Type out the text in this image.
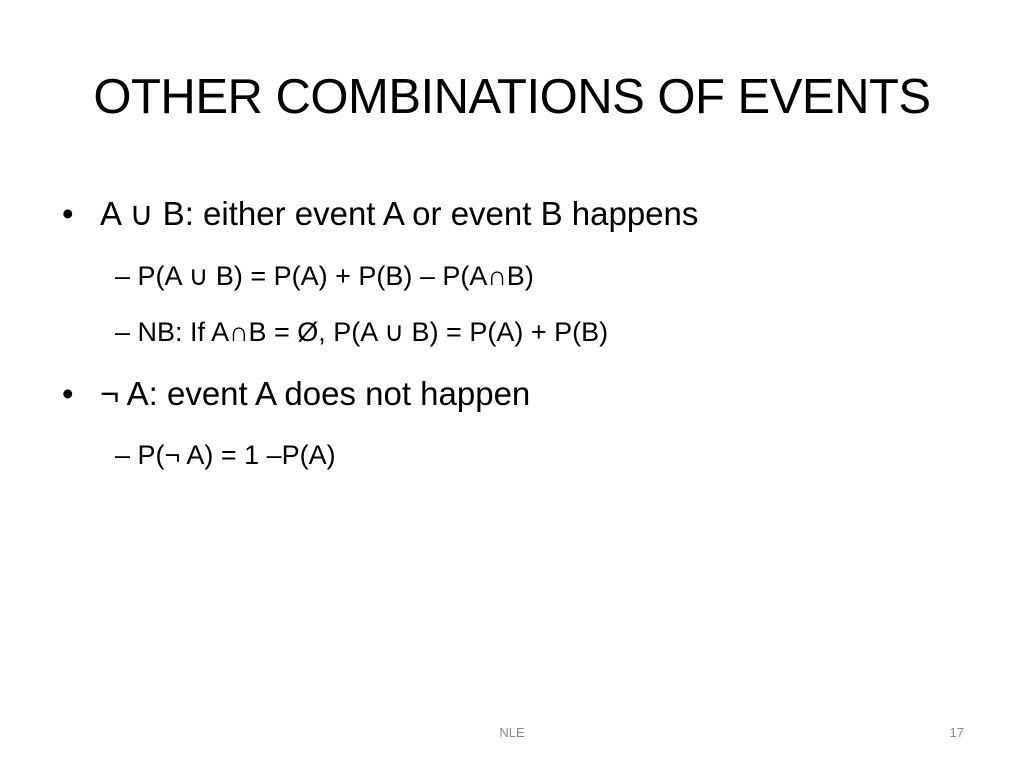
OTHER COMBINATIONS OF EVENTS
• A ∪ B: either event A or event B happens
– P(A ∪ B) = P(A) + P(B) – P(A∩B)
– NB: If A∩B = Ø, P(A ∪ B) = P(A) + P(B)
• ¬ A: event A does not happen
– P(¬ A) = 1 –P(A)
NLE	17
